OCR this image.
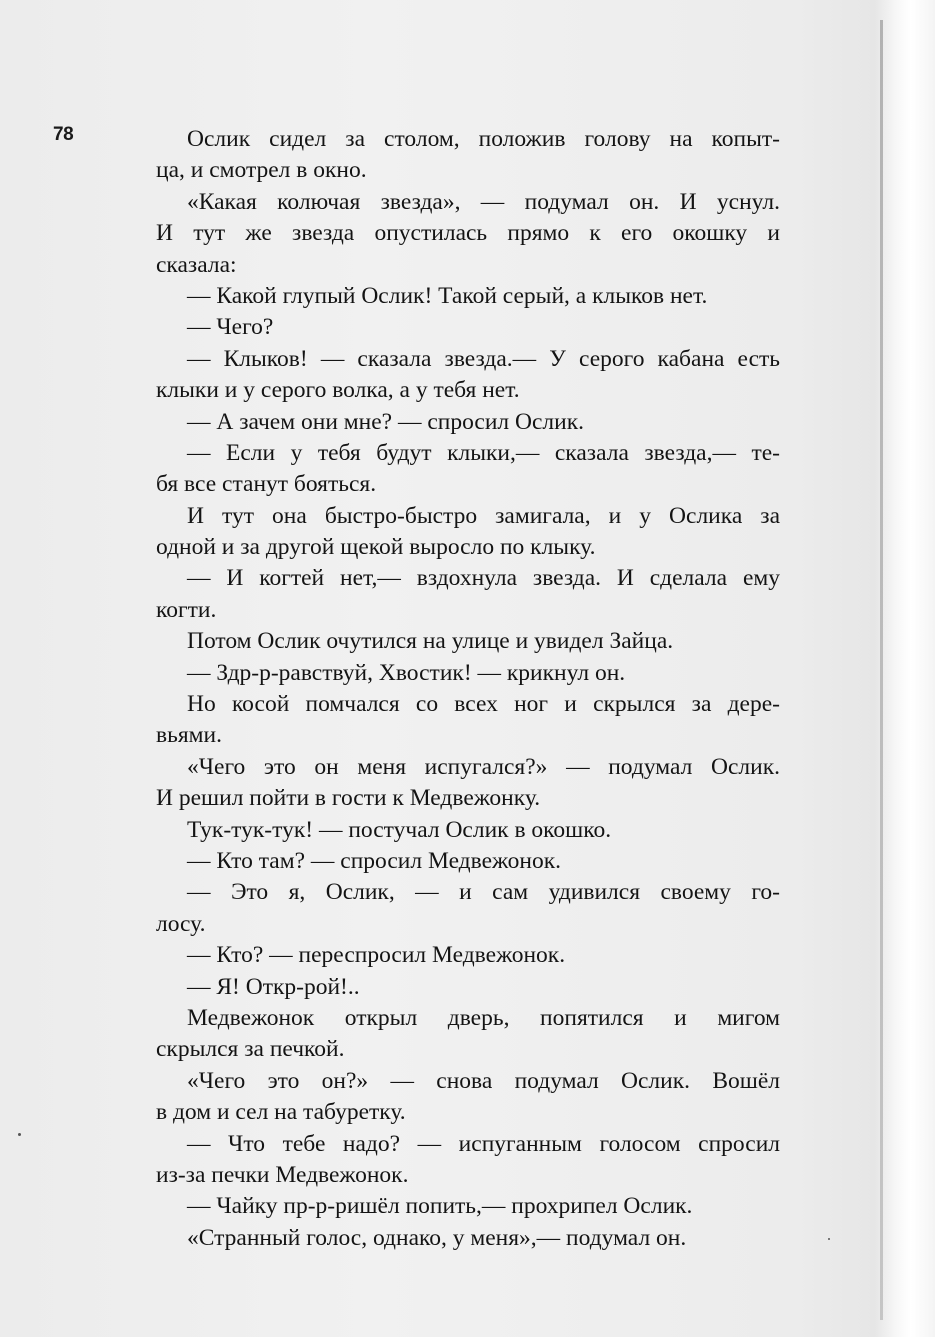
78	Ослик сидел за столом, положив голову на копыт-
ца, и смотрел в окно.
«Какая колючая звезда», — подумал он. И уснул.
И тут же звезда опустилась прямо к его окошку и
сказала:
— Какой глупый Ослик! Такой серый, а клыков нет.
— Чего?
— Клыков! — сказала звезда.— У серого кабана есть
клыки и у серого волка, а у тебя нет.
— А зачем они мне? — спросил Ослик.
— Если у тебя будут клыки,— сказала звезда,— те-
бя все станут бояться.
И тут она быстро-быстро замигала, и у Ослика за
одной и за другой щекой выросло по клыку.
— И когтей нет,— вздохнула звезда. И сделала ему
когти.
Потом Ослик очутился на улице и увидел Зайца.
— Здр-р-равствуй, Хвостик! — крикнул он.
Но косой помчался со всех ног и скрылся за дере-
вьями.
«Чего это он меня испугался?» — подумал Ослик.
И решил пойти в гости к Медвежонку.
Тук-тук-тук! — постучал Ослик в окошко.
— Кто там? — спросил Медвежонок.
— Это я, Ослик, — и сам удивился своему го-
лосу.
— Кто? — переспросил Медвежонок.
— Я! Откр-рой!..
Медвежонок открыл дверь, попятился и мигом
скрылся за печкой.
«Чего это он?» — снова подумал Ослик. Вошёл
в дом и сел на табуретку.
— Что тебе надо? — испуганным голосом спросил
из-за печки Медвежонок.
— Чайку пр-р-ришёл попить,— прохрипел Ослик.
«Странный голос, однако, у меня»,— подумал он.
